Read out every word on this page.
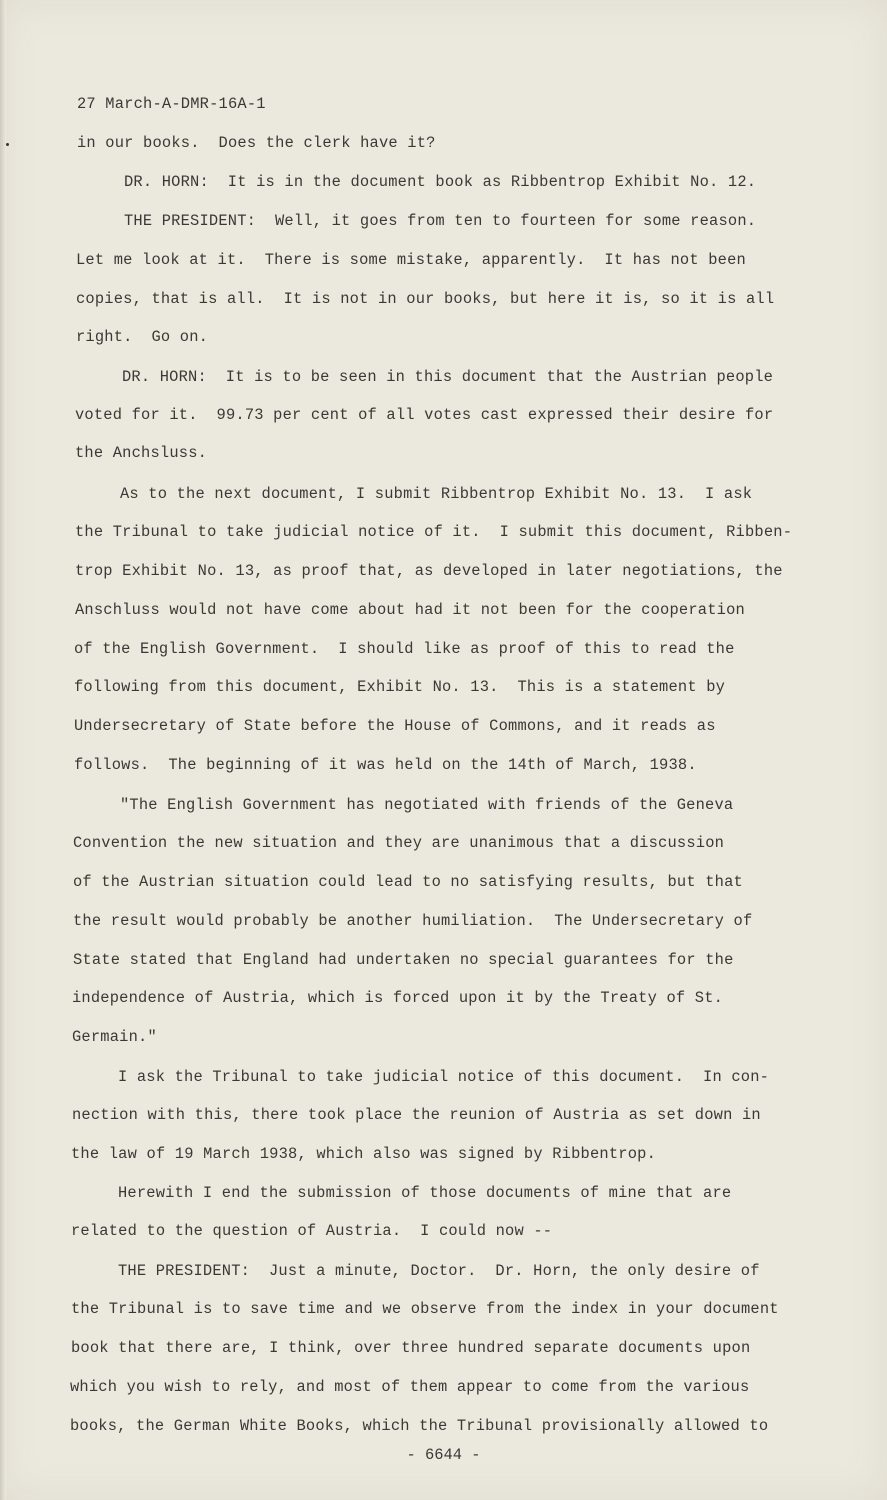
27 March-A-DMR-16A-1

in our books.  Does the clerk have it?

DR. HORN:  It is in the document book as Ribbentrop Exhibit No. 12.

THE PRESIDENT:  Well, it goes from ten to fourteen for some reason.

Let me look at it.  There is some mistake, apparently.  It has not been

copies, that is all.  It is not in our books, but here it is, so it is all

right.  Go on.

DR. HORN:  It is to be seen in this document that the Austrian people

voted for it.  99.73 per cent of all votes cast expressed their desire for

the Anchsluss.

As to the next document, I submit Ribbentrop Exhibit No. 13.  I ask

the Tribunal to take judicial notice of it.  I submit this document, Ribben-

trop Exhibit No. 13, as proof that, as developed in later negotiations, the

Anschluss would not have come about had it not been for the cooperation

of the English Government.  I should like as proof of this to read the

following from this document, Exhibit No. 13.  This is a statement by

Undersecretary of State before the House of Commons, and it reads as

follows.  The beginning of it was held on the 14th of March, 1938.

"The English Government has negotiated with friends of the Geneva

Convention the new situation and they are unanimous that a discussion

of the Austrian situation could lead to no satisfying results, but that

the result would probably be another humiliation.  The Undersecretary of

State stated that England had undertaken no special guarantees for the

independence of Austria, which is forced upon it by the Treaty of St.

Germain."

I ask the Tribunal to take judicial notice of this document.  In con-

nection with this, there took place the reunion of Austria as set down in

the law of 19 March 1938, which also was signed by Ribbentrop.

Herewith I end the submission of those documents of mine that are

related to the question of Austria.  I could now --

THE PRESIDENT:  Just a minute, Doctor.  Dr. Horn, the only desire of

the Tribunal is to save time and we observe from the index in your document

book that there are, I think, over three hundred separate documents upon

which you wish to rely, and most of them appear to come from the various

books, the German White Books, which the Tribunal provisionally allowed to

- 6644 -
